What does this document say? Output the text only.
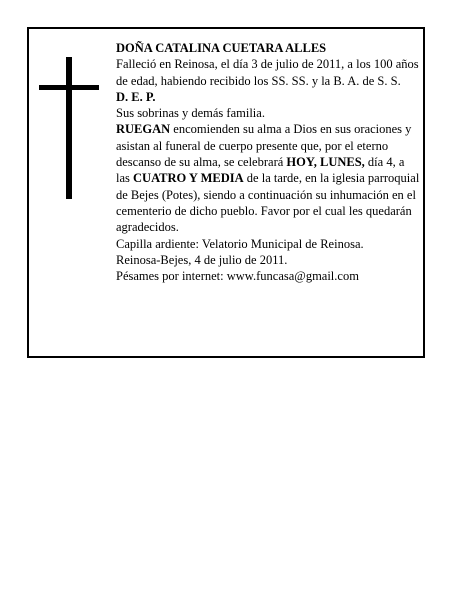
DOÑA CATALINA CUETARA ALLES

Falleció en Reinosa, el día 3 de julio de 2011, a los 100 años de edad, habiendo recibido los SS. SS. y la B. A. de S. S.

D. E. P.

Sus sobrinas y demás familia.

RUEGAN encomienden su alma a Dios en sus oraciones y asistan al funeral de cuerpo presente que, por el eterno descanso de su alma, se celebrará HOY, LUNES, día 4, a las CUATRO Y MEDIA de la tarde, en la iglesia parroquial de Bejes (Potes), siendo a continuación su inhumación en el cementerio de dicho pueblo. Favor por el cual les quedarán agradecidos.

Capilla ardiente: Velatorio Municipal de Reinosa.

Reinosa-Bejes, 4 de julio de 2011.

Pésames por internet: www.funcasa@gmail.com
